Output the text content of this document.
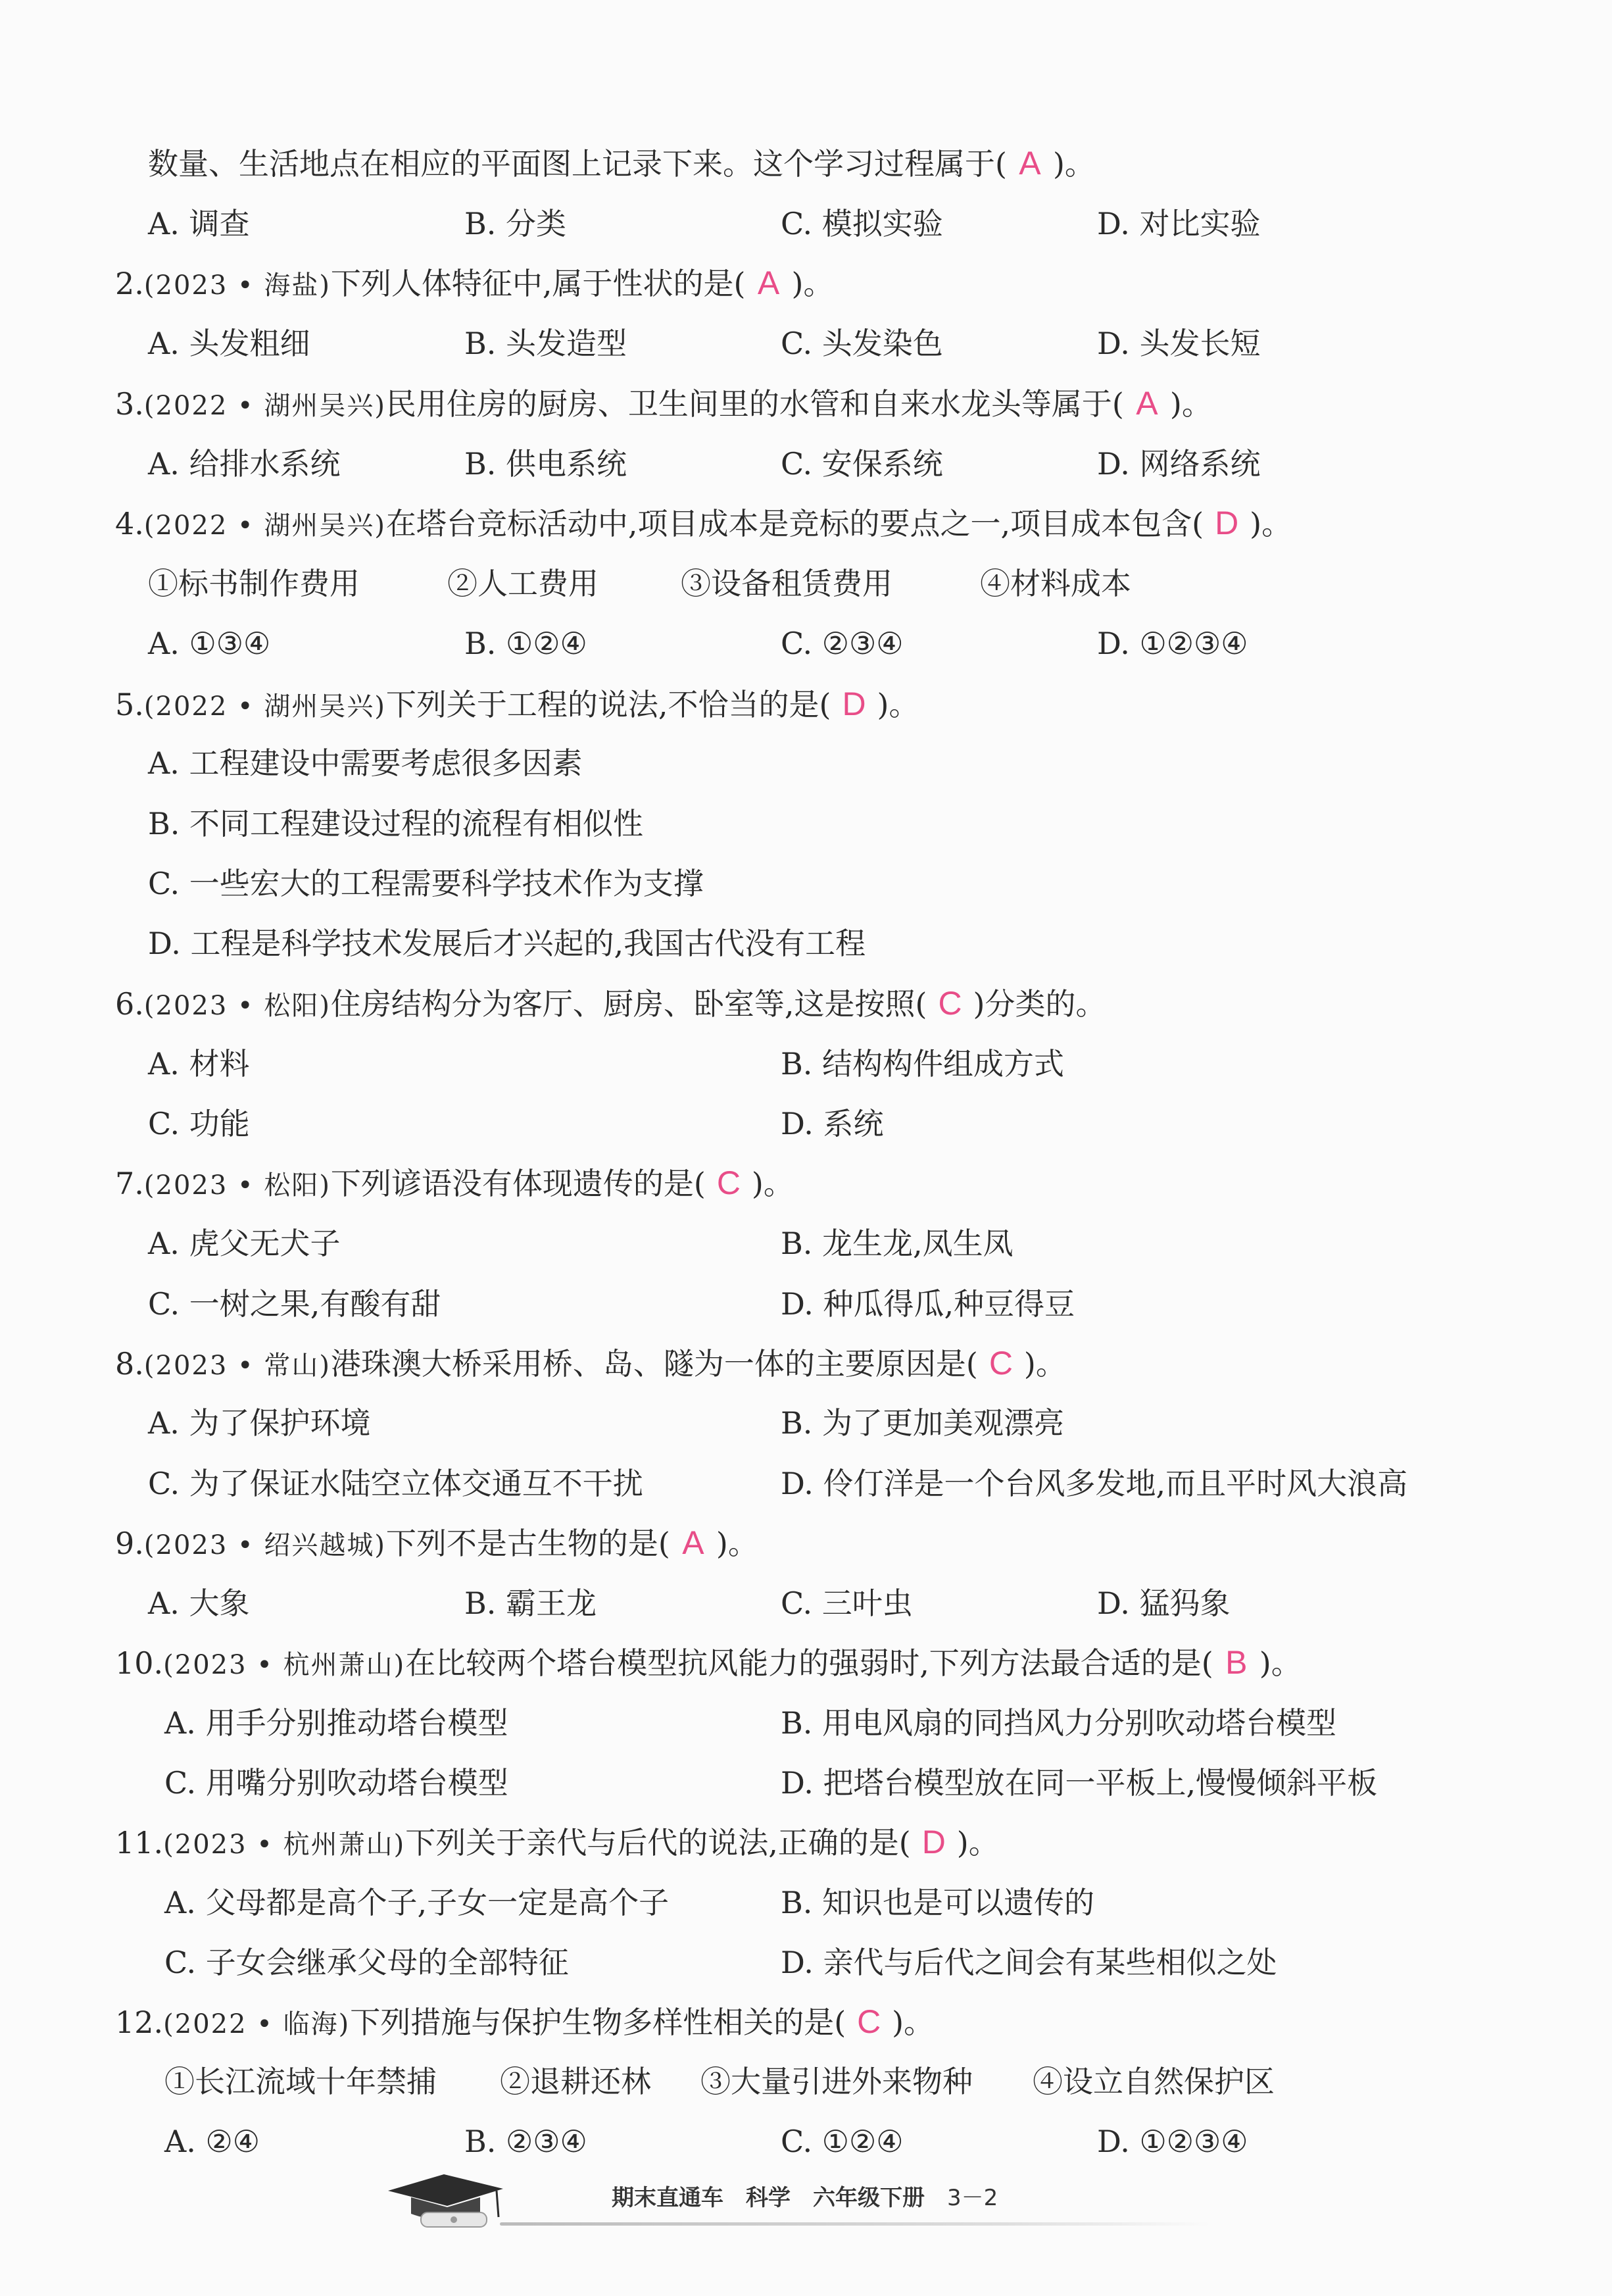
数量、生活地点在相应的平面图上记录下来。这个学习过程属于( A )。
A. 调查	B. 分类	C. 模拟实验	D. 对比实验
2.(2023 • 海盐)下列人体特征中,属于性状的是( A )。
A. 头发粗细	B. 头发造型	C. 头发染色	D. 头发长短
3.(2022 • 湖州吴兴)民用住房的厨房、卫生间里的水管和自来水龙头等属于( A )。
A. 给排水系统	B. 供电系统	C. 安保系统	D. 网络系统
4.(2022 • 湖州吴兴)在塔台竞标活动中,项目成本是竞标的要点之一,项目成本包含( D )。
①标书制作费用	②人工费用	③设备租赁费用	④材料成本
A. ①③④	B. ①②④	C. ②③④	D. ①②③④
5.(2022 • 湖州吴兴)下列关于工程的说法,不恰当的是( D )。
A. 工程建设中需要考虑很多因素
B. 不同工程建设过程的流程有相似性
C. 一些宏大的工程需要科学技术作为支撑
D. 工程是科学技术发展后才兴起的,我国古代没有工程
6.(2023 • 松阳)住房结构分为客厅、厨房、卧室等,这是按照( C )分类的。
A. 材料	B. 结构构件组成方式
C. 功能	D. 系统
7.(2023 • 松阳)下列谚语没有体现遗传的是( C )。
A. 虎父无犬子	B. 龙生龙,凤生凤
C. 一树之果,有酸有甜	D. 种瓜得瓜,种豆得豆
8.(2023 • 常山)港珠澳大桥采用桥、岛、隧为一体的主要原因是( C )。
A. 为了保护环境	B. 为了更加美观漂亮
C. 为了保证水陆空立体交通互不干扰	D. 伶仃洋是一个台风多发地,而且平时风大浪高
9.(2023 • 绍兴越城)下列不是古生物的是( A )。
A. 大象	B. 霸王龙	C. 三叶虫	D. 猛犸象
10.(2023 • 杭州萧山)在比较两个塔台模型抗风能力的强弱时,下列方法最合适的是( B )。
A. 用手分别推动塔台模型	B. 用电风扇的同挡风力分别吹动塔台模型
C. 用嘴分别吹动塔台模型	D. 把塔台模型放在同一平板上,慢慢倾斜平板
11.(2023 • 杭州萧山)下列关于亲代与后代的说法,正确的是( D )。
A. 父母都是高个子,子女一定是高个子	B. 知识也是可以遗传的
C. 子女会继承父母的全部特征	D. 亲代与后代之间会有某些相似之处
12.(2022 • 临海)下列措施与保护生物多样性相关的是( C )。
①长江流域十年禁捕 ②退耕还林 ③大量引进外来物种 ④设立自然保护区
A. ②④	B. ②③④	C. ①②④	D. ①②③④
期末直通车 科学 六年级下册 3－2
